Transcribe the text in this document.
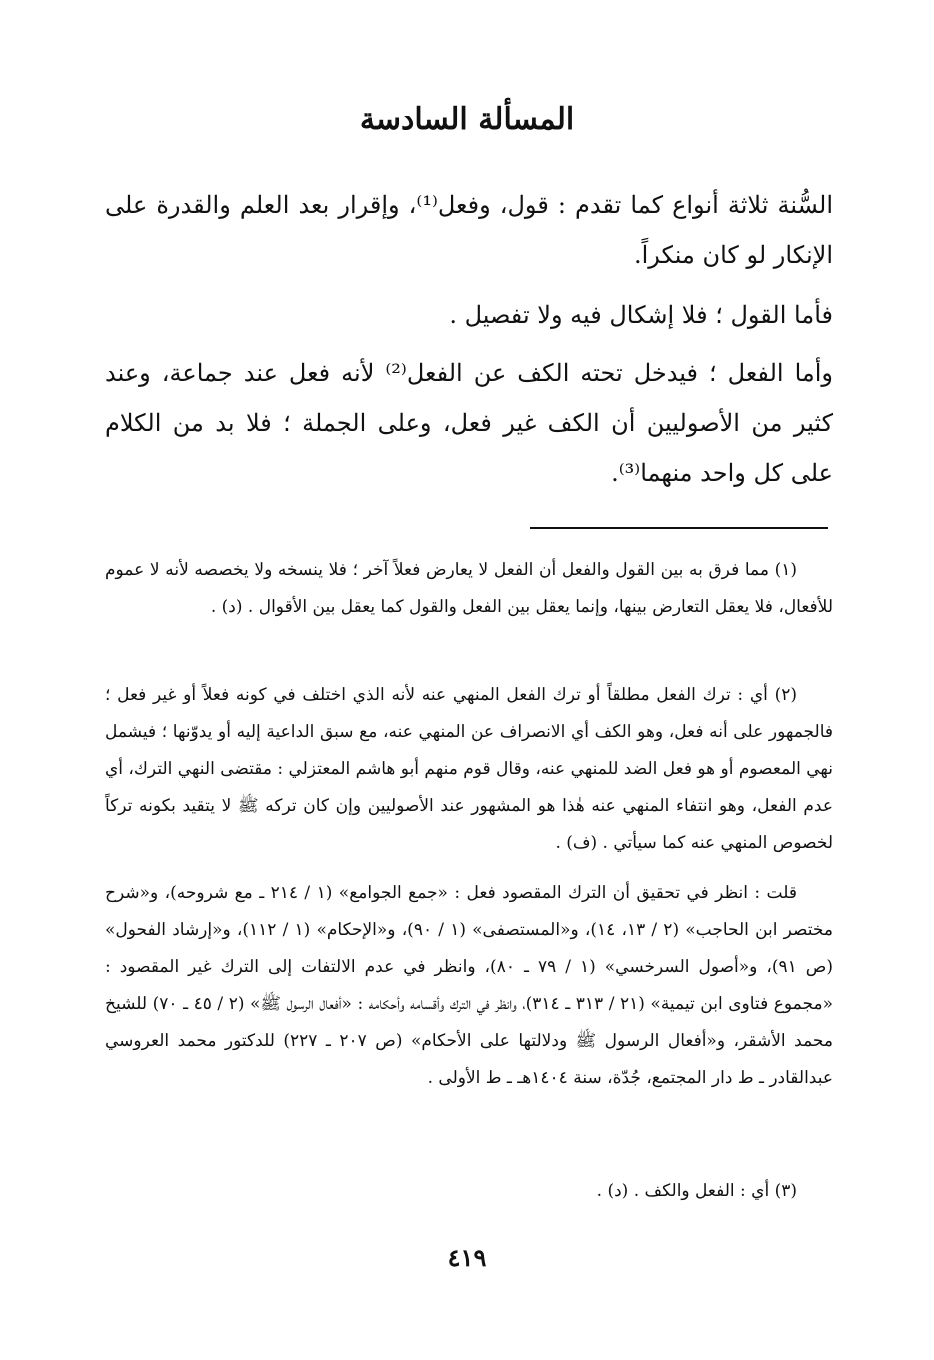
المسألة السادسة
السُّنة ثلاثة أنواع كما تقدم : قول، وفعل⁽¹⁾، وإقرار بعد العلم والقدرة على الإنكار لو كان منكراً.
فأما القول ؛ فلا إشكال فيه ولا تفصيل .
وأما الفعل ؛ فيدخل تحته الكف عن الفعل⁽²⁾ لأنه فعل عند جماعة، وعند كثير من الأصوليين أن الكف غير فعل، وعلى الجملة ؛ فلا بد من الكلام على كل واحد منهما⁽³⁾.
(١) مما فرق به بين القول والفعل أن الفعل لا يعارض فعلاً آخر ؛ فلا ينسخه ولا يخصصه لأنه لا عموم للأفعال، فلا يعقل التعارض بينها، وإنما يعقل بين الفعل والقول كما يعقل بين الأقوال . (د) .
(٢) أي : ترك الفعل مطلقاً أو ترك الفعل المنهي عنه لأنه الذي اختلف في كونه فعلاً أو غير فعل ؛ فالجمهور على أنه فعل، وهو الكف أي الانصراف عن المنهي عنه، مع سبق الداعية إليه أو يدوّنها ؛ فيشمل نهي المعصوم أو هو فعل الضد للمنهي عنه، وقال قوم منهم أبو هاشم المعتزلي : مقتضى النهي الترك، أي عدم الفعل، وهو انتفاء المنهي عنه هٰذا هو المشهور عند الأصوليين وإن كان تركه ﷺ لا يتقيد بكونه تركاً لخصوص المنهي عنه كما سيأتي . (ف) .
قلت : انظر في تحقيق أن الترك المقصود فعل : «جمع الجوامع» (١ / ٢١٤ ـ مع شروحه)، و«شرح مختصر ابن الحاجب» (٢ / ١٣، ١٤)، و«المستصفى» (١ / ٩٠)، و«الإحكام» (١ / ١١٢)، و«إرشاد الفحول» (ص ٩١)، و«أصول السرخسي» (١ / ٧٩ ـ ٨٠)، وانظر في عدم الالتفات إلى الترك غير المقصود : «مجموع فتاوى ابن تيمية» (٢١ / ٣١٣ ـ ٣١٤)، وانظر في الترك وأقسامه وأحكامه : «أفعال الرسول ﷺ» (٢ / ٤٥ ـ ٧٠) للشيخ محمد الأشقر، و«أفعال الرسول ﷺ ودلالتها على الأحكام» (ص ٢٠٧ ـ ٢٢٧) للدكتور محمد العروسي عبدالقادر ـ ط دار المجتمع، جُدّة، سنة ١٤٠٤هـ ـ ط الأولى .
(٣) أي : الفعل والكف . (د) .
٤١٩
